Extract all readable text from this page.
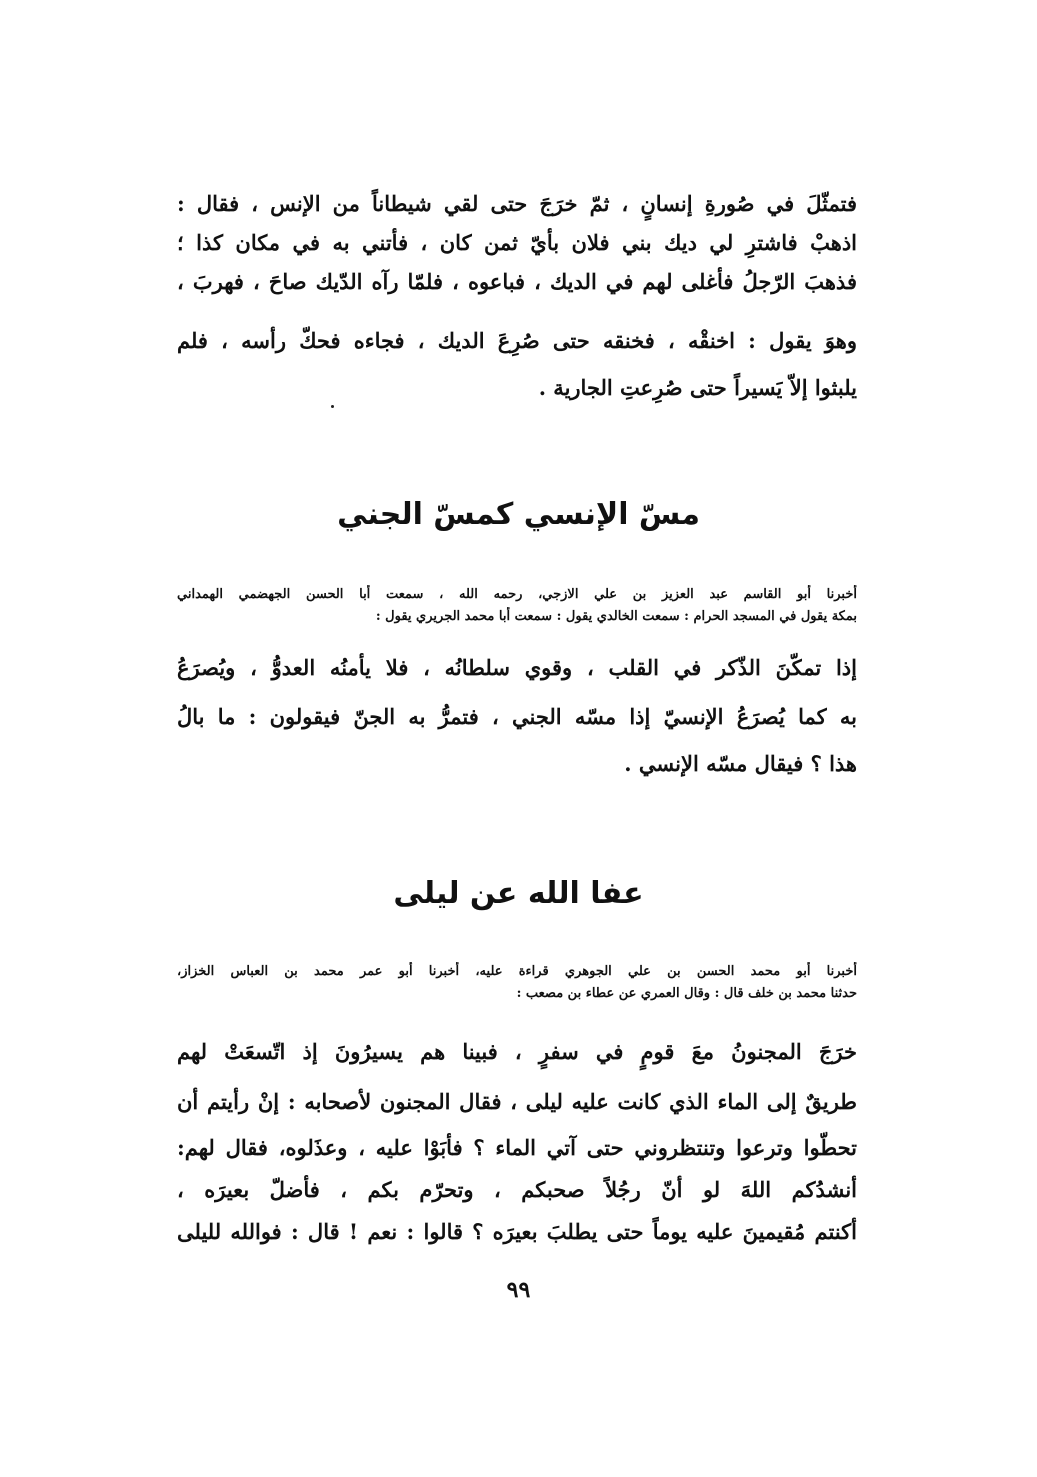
فتمثّلَ في صُورةِ إنسانٍ ، ثمّ خرَجَ حتى لقي شيطاناً من الإنس ، فقال :
اذهبْ فاشترِ لي ديك بني فلان بأيّ ثمن كان ، فأتني به في مكان كذا ؛
فذهبَ الرّجلُ فأغلى لهم في الديك ، فباعوه ، فلمّا رآه الدّيك صاحَ ، فهربَ ،
وهوَ يقول : اخنقْه ، فخنقه حتى صُرِعَ الديك ، فجاءه فحكّ رأسه ، فلم
يلبثوا إلاّ يَسيراً حتى صُرِعتِ الجارية .
مسّ الإنسي كمسّ الجني
أخبرنا أبو القاسم عبد العزيز بن علي الازجي، رحمه الله ، سمعت أبا الحسن الجهضمي الهمداني
بمكة يقول في المسجد الحرام : سمعت الخالدي يقول : سمعت أبا محمد الجريري يقول :
إذا تمكّنَ الذّكر في القلب ، وقوي سلطانُه ، فلا يأمنُه العدوُّ ، ويُصرَعُ
به كما يُصرَعُ الإنسيّ إذا مسّه الجني ، فتمرُّ به الجنّ فيقولون : ما بالُ
هذا ؟ فيقال مسّه الإنسي .
عفا الله عن ليلى
أخبرنا أبو محمد الحسن بن علي الجوهري قراءة عليه، أخبرنا أبو عمر محمد بن العباس الخزاز،
حدثنا محمد بن خلف قال : وقال العمري عن عطاء بن مصعب :
خرَجَ المجنونُ معَ قومٍ في سفرٍ ، فبينا هم يسيرُونَ إذ اتّسعَتْ لهم
طريقٌ إلى الماء الذي كانت عليه ليلى ، فقال المجنون لأصحابه : إنْ رأيتم أن
تحطّوا وترعوا وتنتظروني حتى آتي الماء ؟ فأبَوْا عليه ، وعذَلوه، فقال لهم:
أنشدُكم اللهَ لو أنّ رجُلاً صحبكم ، وتحرّم بكم ، فأضلّ بعيرَه ،
أكنتم مُقيمينَ عليه يوماً حتى يطلبَ بعيرَه ؟ قالوا : نعم ! قال : فوالله لليلى
٩٩
